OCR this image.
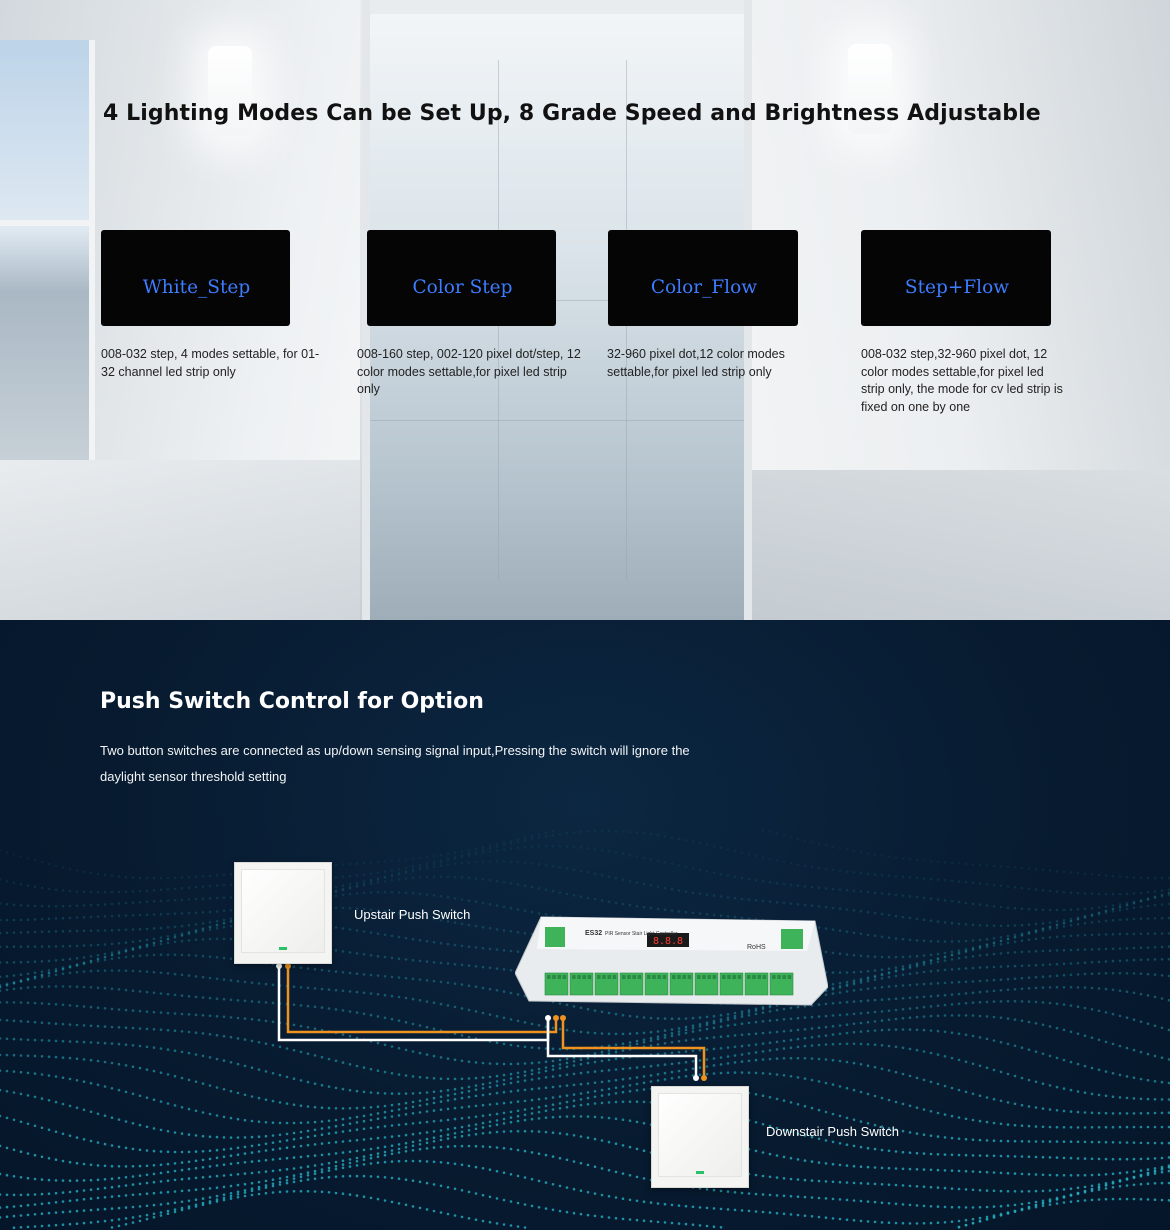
4 Lighting Modes Can be Set Up, 8 Grade Speed and Brightness Adjustable

White_Step

008-032 step, 4 modes settable, for 01-32 channel led strip only

Color Step

008-160 step, 002-120 pixel dot/step, 12 color modes settable,for pixel led strip only

Color_Flow

32-960 pixel dot,12 color modes settable,for pixel led strip only

Step+Flow

008-032 step,32-960 pixel dot, 12 color modes settable,for pixel led strip only, the mode for cv led strip is fixed on one by one

Push Switch Control for Option

Two button switches are connected as up/down sensing signal input,Pressing the switch will ignore the daylight sensor threshold setting

Upstair Push Switch
Downstair Push Switch
8.8.8
ES32 PIR Sensor Stair Light Controller
RoHS
